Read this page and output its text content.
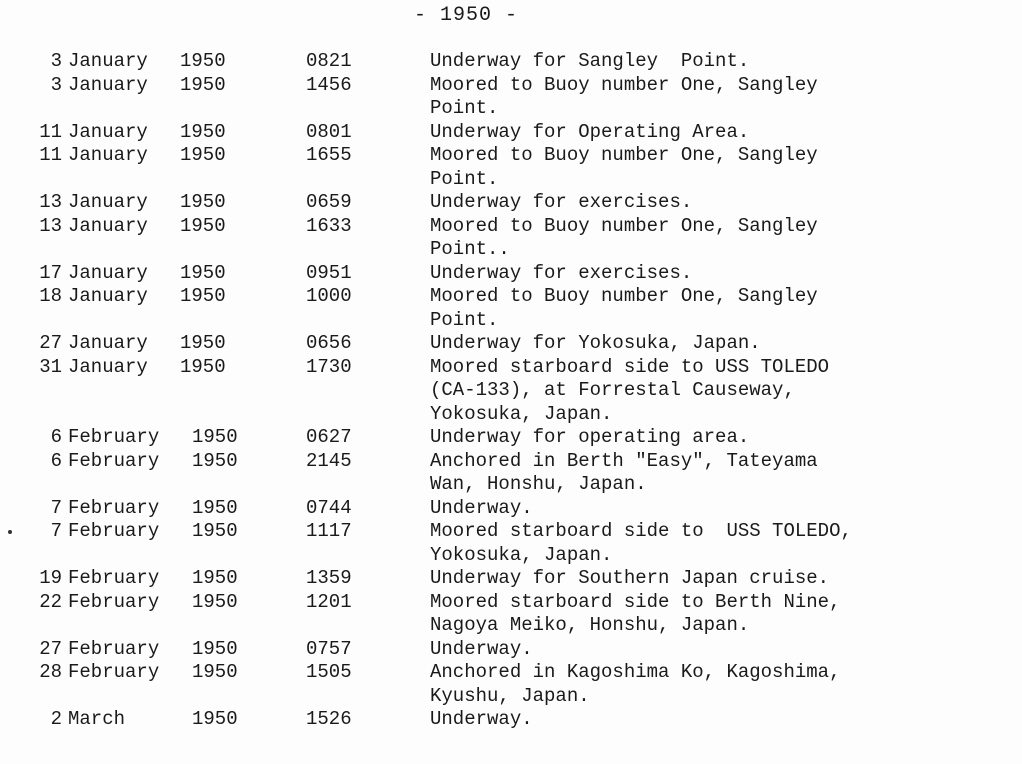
- 1950 -
3 January 1950	0821	Underway for Sangley  Point.
3 January 1950	1456	Moored to Buoy number One, Sangley
Point.
11 January 1950	0801	Underway for Operating Area.
11 January 1950	1655	Moored to Buoy number One, Sangley
Point.
13 January 1950	0659	Underway for exercises.
13 January 1950	1633	Moored to Buoy number One, Sangley
Point..
17 January 1950	0951	Underway for exercises.
18 January 1950	1000	Moored to Buoy number One, Sangley
Point.
27 January 1950	0656	Underway for Yokosuka, Japan.
31 January 1950	1730	Moored starboard side to USS TOLEDO
(CA-133), at Forrestal Causeway,
Yokosuka, Japan.
6 February 1950	0627	Underway for operating area.
6 February 1950	2145	Anchored in Berth "Easy", Tateyama
Wan, Honshu, Japan.
7 February 1950	0744	Underway.
7 February 1950	1117	Moored starboard side to  USS TOLEDO,
Yokosuka, Japan.
19 February 1950	1359	Underway for Southern Japan cruise.
22 February 1950	1201	Moored starboard side to Berth Nine,
Nagoya Meiko, Honshu, Japan.
27 February 1950	0757	Underway.
28 February 1950	1505	Anchored in Kagoshima Ko, Kagoshima,
Kyushu, Japan.
2 March	1950	1526	Underway.
